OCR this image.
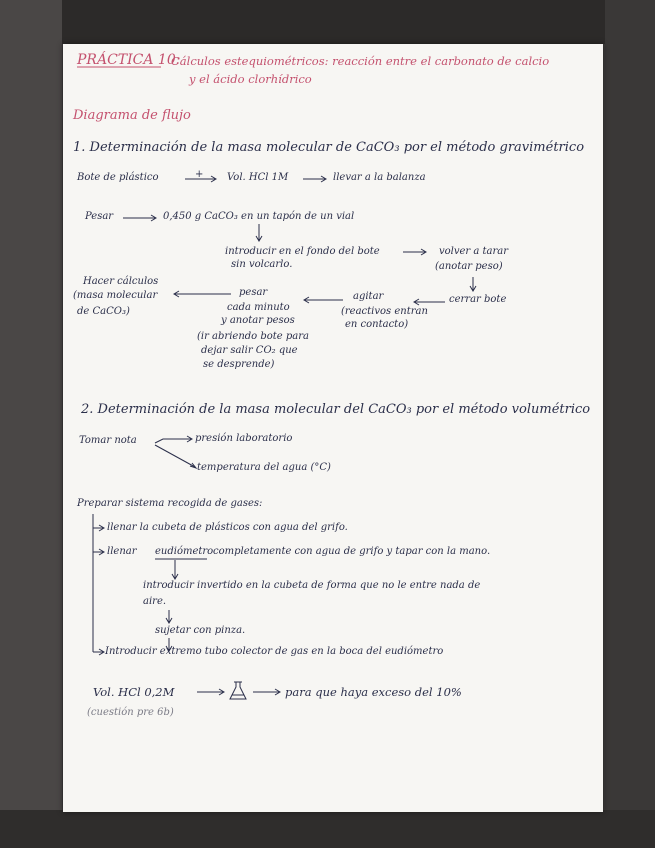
PRÁCTICA 10:
Cálculos estequiométricos: reacción entre el carbonato de calcio
y el ácido clorhídrico
Diagrama de flujo
1. Determinación de la masa molecular de CaCO₃ por el método gravimétrico
Bote de plástico	+ Vol. HCl 1M	llevar a la balanza
Pesar	0,450 g CaCO₃ en un tapón de un vial
introducir en el fondo del bote
sin volcarlo.
volver a tarar
(anotar peso)
cerrar bote
agitar
(reactivos entran
en contacto)
pesar
cada minuto
y anotar pesos
(ir abriendo bote para
dejar salir CO₂ que
se desprende)
Hacer cálculos
(masa molecular
de CaCO₃)
2. Determinación de la masa molecular del CaCO₃ por el método volumétrico
Tomar nota	presión laboratorio
temperatura del agua (°C)
Preparar sistema recogida de gases:
llenar la cubeta de plásticos con agua del grifo.
llenar eudiómetro completamente con agua de grifo y tapar con la mano.
introducir invertido en la cubeta de forma que no le entre nada de
aire.
sujetar con pinza.
Introducir extremo tubo colector de gas en la boca del eudiómetro
Vol. HCl 0,2M	para que haya exceso del 10%
(cuestión pre 6b)
